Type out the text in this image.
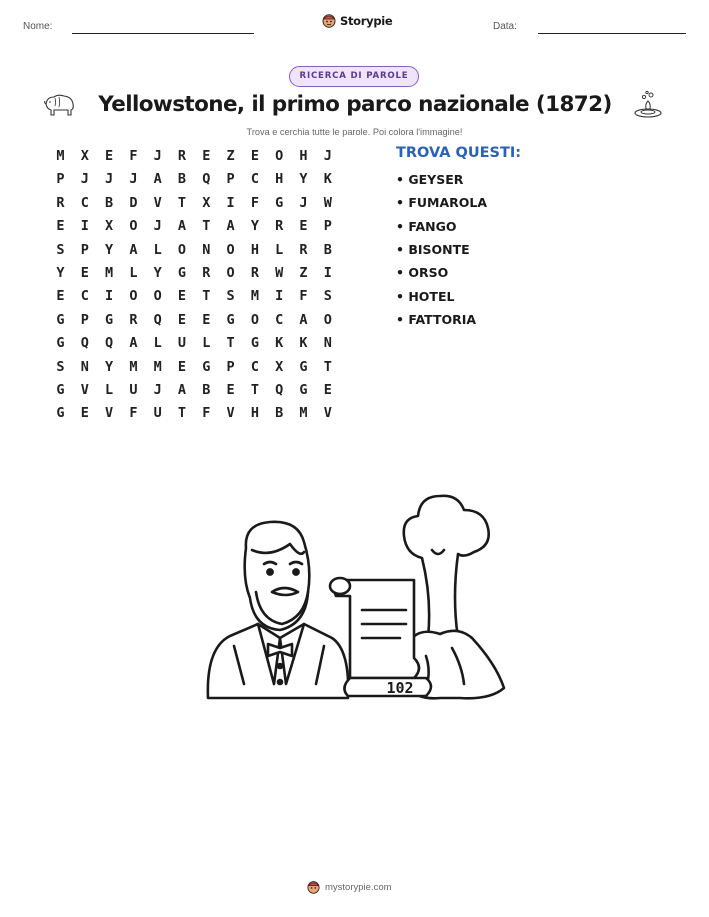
Nome:	Storypie	Data:
RICERCA DI PAROLE
Yellowstone, il primo parco nazionale (1872)
Trova e cerchia tutte le parole. Poi colora l'immagine!
M	X	E	F	J	R	E	Z	E	O	H	J
P	J	J	J	A	B	Q	P	C	H	Y	K
R	C	B	D	V	T	X	I	F	G	J	W
E	I	X	O	J	A	T	A	Y	R	E	P
S	P	Y	A	L	O	N	O	H	L	R	B
Y	E	M	L	Y	G	R	O	R	W	Z	I
E	C	I	O	O	E	T	S	M	I	F	S
G	P	G	R	Q	E	E	G	O	C	A	O
G	Q	Q	A	L	U	L	T	G	K	K	N
S	N	Y	M	M	E	G	P	C	X	G	T
G	V	L	U	J	A	B	E	T	Q	G	E
G	E	V	F	U	T	F	V	H	B	M	V
TROVA QUESTI:
• GEYSER
• FUMAROLA
• FANGO
• BISONTE
• ORSO
• HOTEL
• FATTORIA
102
mystorypie.com
